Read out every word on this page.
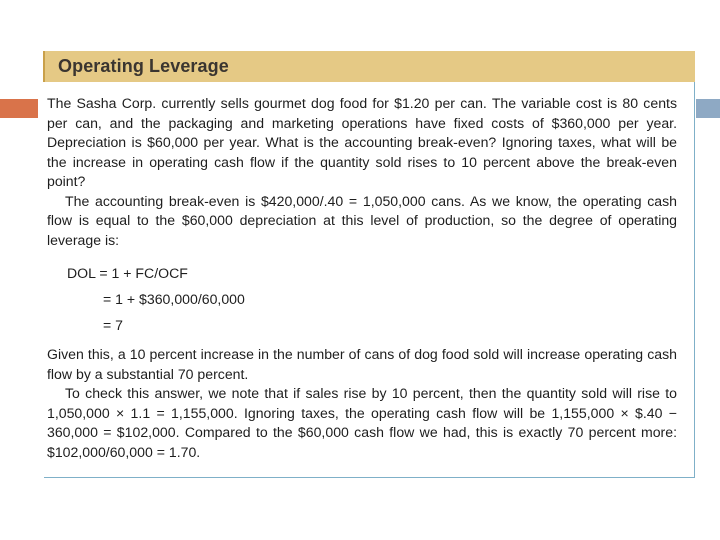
Operating Leverage

The Sasha Corp. currently sells gourmet dog food for $1.20 per can. The variable cost is 80 cents per can, and the packaging and marketing operations have fixed costs of $360,000 per year. Depreciation is $60,000 per year. What is the accounting break-even? Ignoring taxes, what will be the increase in operating cash flow if the quantity sold rises to 10 percent above the break-even point?

The accounting break-even is $420,000/.40 = 1,050,000 cans. As we know, the operating cash flow is equal to the $60,000 depreciation at this level of production, so the degree of operating leverage is:

DOL = 1 + FC/OCF
= 1 + $360,000/60,000
= 7

Given this, a 10 percent increase in the number of cans of dog food sold will increase operating cash flow by a substantial 70 percent.

To check this answer, we note that if sales rise by 10 percent, then the quantity sold will rise to 1,050,000 × 1.1 = 1,155,000. Ignoring taxes, the operating cash flow will be 1,155,000 × $.40 − 360,000 = $102,000. Compared to the $60,000 cash flow we had, this is exactly 70 percent more: $102,000/60,000 = 1.70.
